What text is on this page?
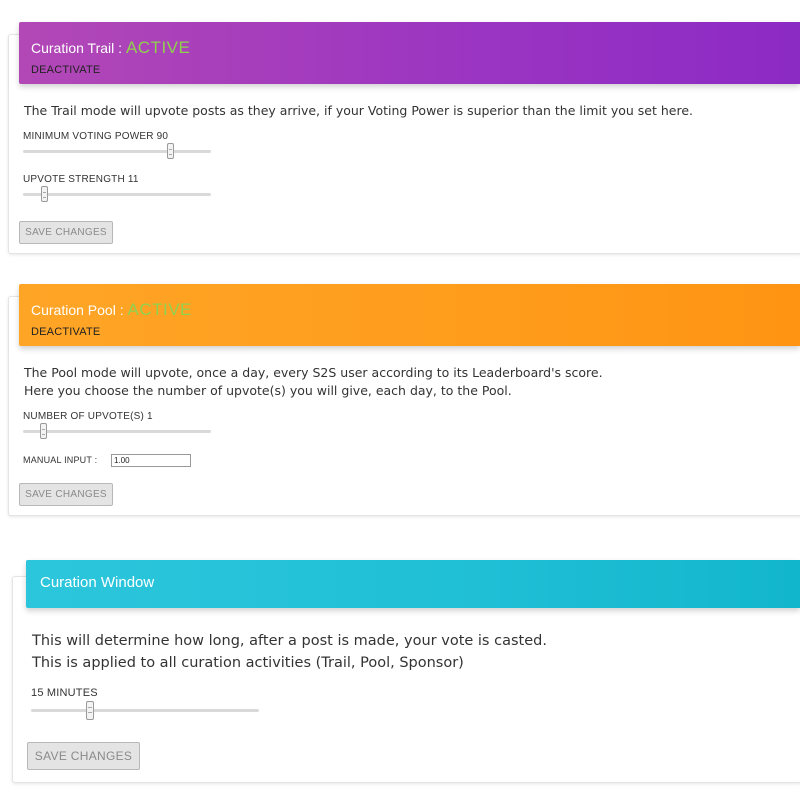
Curation Trail : ACTIVE
DEACTIVATE
The Trail mode will upvote posts as they arrive, if your Voting Power is superior than the limit you set here.
MINIMUM VOTING POWER 90
UPVOTE STRENGTH 11
SAVE CHANGES
Curation Pool : ACTIVE
DEACTIVATE
The Pool mode will upvote, once a day, every S2S user according to its Leaderboard's score.
Here you choose the number of upvote(s) you will give, each day, to the Pool.
NUMBER OF UPVOTE(S) 1
MANUAL INPUT :
1.00
SAVE CHANGES
Curation Window
This will determine how long, after a post is made, your vote is casted.
This is applied to all curation activities (Trail, Pool, Sponsor)
15 MINUTES
SAVE CHANGES
